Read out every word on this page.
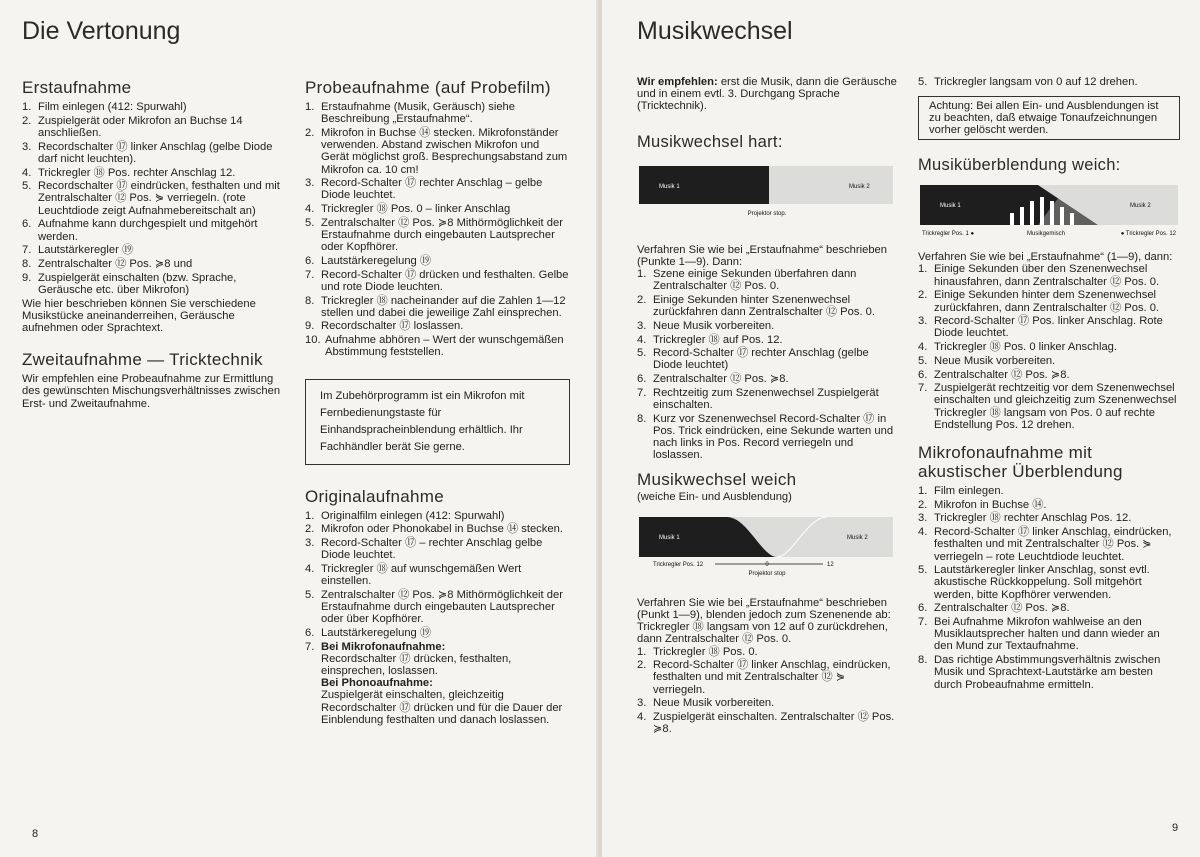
Die Vertonung
Erstaufnahme
1. Film einlegen (412: Spurwahl)
2. Zuspielgerät oder Mikrofon an Buchse 14 anschließen.
3. Recordschalter ⑰ linker Anschlag (gelbe Diode darf nicht leuchten).
4. Trickregler ⑱ Pos. rechter Anschlag 12.
5. Recordschalter ⑰ eindrücken, festhalten und mit Zentralschalter ⑫ Pos. ⋟ verriegeln. (rote Leuchtdiode zeigt Aufnahmebereitschalt an)
6. Aufnahme kann durchgespielt und mitgehört werden.
7. Lautstärkeregler ⑲
8. Zentralschalter ⑫ Pos. ≽8 und
9. Zuspielgerät einschalten (bzw. Sprache, Geräusche etc. über Mikrofon)

Wie hier beschrieben können Sie verschiedene Musikstücke aneinanderreihen, Geräusche aufnehmen oder Sprachtext.

Zweitaufnahme — Tricktechnik

Wir empfehlen eine Probeaufnahme zur Ermittlung des gewünschten Mischungsverhältnisses zwischen Erst- und Zweitaufnahme.

Probeaufnahme (auf Probefilm)
1. Erstaufnahme (Musik, Geräusch) siehe Beschreibung „Erstaufnahme“.
2. Mikrofon in Buchse ⑭ stecken. Mikrofonständer verwenden. Abstand zwischen Mikrofon und Gerät möglichst groß. Besprechungsabstand zum Mikrofon ca. 10 cm!
3. Record-Schalter ⑰ rechter Anschlag – gelbe Diode leuchtet.
4. Trickregler ⑱ Pos. 0 – linker Anschlag
5. Zentralschalter ⑫ Pos. ≽8 Mithörmöglichkeit der Erstaufnahme durch eingebauten Lautsprecher oder Kopfhörer.
6. Lautstärkeregelung ⑲
7. Record-Schalter ⑰ drücken und festhalten. Gelbe und rote Diode leuchten.
8. Trickregler ⑱ nacheinander auf die Zahlen 1—12 stellen und dabei die jeweilige Zahl einsprechen.
9. Recordschalter ⑰ loslassen.
10. Aufnahme abhören – Wert der wunschgemäßen Abstimmung feststellen.
Im Zubehörprogramm ist ein Mikrofon mit Fernbedienungstaste für Einhandspracheinblendung erhältlich. Ihr Fachhändler berät Sie gerne.
Originalaufnahme
1. Originalfilm einlegen (412: Spurwahl)
2. Mikrofon oder Phonokabel in Buchse ⑭ stecken.
3. Record-Schalter ⑰ – rechter Anschlag gelbe Diode leuchtet.
4. Trickregler ⑱ auf wunschgemäßen Wert einstellen.
5. Zentralschalter ⑫ Pos. ≽8 Mithörmöglichkeit der Erstaufnahme durch eingebauten Lautsprecher oder über Kopfhörer.
6. Lautstärkeregelung ⑲
7. Bei Mikrofonaufnahme:
Recordschalter ⑰ drücken, festhalten, einsprechen, loslassen.
Bei Phonoaufnahme:
Zuspielgerät einschalten, gleichzeitig Recordschalter ⑰ drücken und für die Dauer der Einblendung festhalten und danach loslassen.
8
Musikwechsel

Wir empfehlen: erst die Musik, dann die Geräusche und in einem evtl. 3. Durchgang Sprache (Tricktechnik).

Musikwechsel hart:
Musik 1	Musik 2
Projektor stop.

Verfahren Sie wie bei „Erstaufnahme“ beschrieben (Punkte 1—9). Dann:

1. Szene einige Sekunden überfahren dann Zentralschalter ⑫ Pos. 0.
2. Einige Sekunden hinter Szenenwechsel zurückfahren dann Zentralschalter ⑫ Pos. 0.
3. Neue Musik vorbereiten.
4. Trickregler ⑱ auf Pos. 12.
5. Record-Schalter ⑰ rechter Anschlag (gelbe Diode leuchtet)
6. Zentralschalter ⑫ Pos. ≽8.
7. Rechtzeitig zum Szenenwechsel Zuspielgerät einschalten.
8. Kurz vor Szenenwechsel Record-Schalter ⑰ in Pos. Trick eindrücken, eine Sekunde warten und nach links in Pos. Record verriegeln und loslassen.
Musikwechsel weich

(weiche Ein- und Ausblendung)

Musik 1	Musik 2
Trickregler Pos. 12	0	12
Projektor stop

Verfahren Sie wie bei „Erstaufnahme“ beschrieben (Punkt 1—9), blenden jedoch zum Szenenende ab: Trickregler ⑱ langsam von 12 auf 0 zurückdrehen, dann Zentralschalter ⑫ Pos. 0.

1. Trickregler ⑱ Pos. 0.
2. Record-Schalter ⑰ linker Anschlag, eindrücken, festhalten und mit Zentralschalter ⑫ ⋟ verriegeln.
3. Neue Musik vorbereiten.
4. Zuspielgerät einschalten. Zentralschalter ⑫ Pos. ≽8.
5. Trickregler langsam von 0 auf 12 drehen.
Achtung: Bei allen Ein- und Ausblendungen ist zu beachten, daß etwaige Tonaufzeichnungen vorher gelöscht werden.
Musiküberblendung weich:
Musik 1	Musik 2
Trickregler Pos. 1 ●	Musikgemisch	● Trickregler Pos. 12

Verfahren Sie wie bei „Erstaufnahme“ (1—9), dann:

1. Einige Sekunden über den Szenenwechsel hinausfahren, dann Zentralschalter ⑫ Pos. 0.
2. Einige Sekunden hinter dem Szenenwechsel zurückfahren, dann Zentralschalter ⑫ Pos. 0.
3. Record-Schalter ⑰ Pos. linker Anschlag. Rote Diode leuchtet.
4. Trickregler ⑱ Pos. 0 linker Anschlag.
5. Neue Musik vorbereiten.
6. Zentralschalter ⑫ Pos. ≽8.
7. Zuspielgerät rechtzeitig vor dem Szenenwechsel einschalten und gleichzeitig zum Szenenwechsel Trickregler ⑱ langsam von Pos. 0 auf rechte Endstellung Pos. 12 drehen.
Mikrofonaufnahme mit akustischer Überblendung
1. Film einlegen.
2. Mikrofon in Buchse ⑭.
3. Trickregler ⑱ rechter Anschlag Pos. 12.
4. Record-Schalter ⑰ linker Anschlag, eindrücken, festhalten und mit Zentralschalter ⑫ Pos. ⋟ verriegeln – rote Leuchtdiode leuchtet.
5. Lautstärkeregler linker Anschlag, sonst evtl. akustische Rückkoppelung. Soll mitgehört werden, bitte Kopfhörer verwenden.
6. Zentralschalter ⑫ Pos. ≽8.
7. Bei Aufnahme Mikrofon wahlweise an den Musiklautsprecher halten und dann wieder an den Mund zur Textaufnahme.
8. Das richtige Abstimmungsverhältnis zwischen Musik und Sprachtext-Lautstärke am besten durch Probeaufnahme ermitteln.
9
